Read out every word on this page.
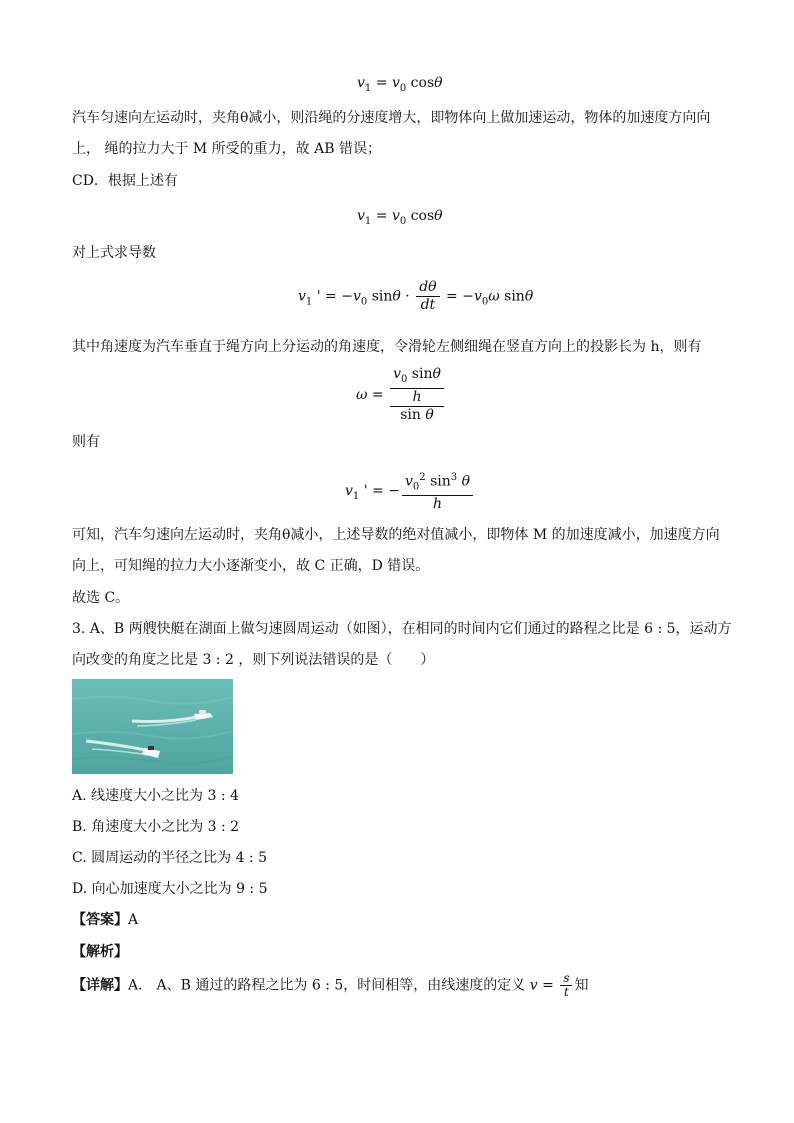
$v_1 = v_0$ cosθ
汽车匀速向左运动时，夹角θ减小，则沿绳的分速度增大，即物体向上做加速运动，物体的加速度方向向
上， 绳的拉力大于 M 所受的重力，故 AB 错误；
CD．根据上述有
$v_1 = v_0$ cosθ
对上式求导数
$v_1$ ' = $-v_0$ $\sin\theta \cdot \frac{d\theta}{dt} = -v_0\omega$ sinθ
其中角速度为汽车垂直于绳方向上分运动的角速度，令滑轮左侧细绳在竖直方向上的投影长为 h，则有
ω =
$v_0$ sinθ
h
sin θ
则有
$v_1$ ' = − $\frac{v_0^2 \sin^3 \theta}{h}$
可知，汽车匀速向左运动时，夹角θ减小，上述导数的绝对值减小，即物体 M 的加速度减小，加速度方向
向上，可知绳的拉力大小逐渐变小，故 C 正确，D 错误。
故选 C。
3. A、B 两艘快艇在湖面上做匀速圆周运动（如图），在相同的时间内它们通过的路程之比是 6 : 5，运动方
向改变的角度之比是 3 : 2 ，则下列说法错误的是（　　）
A. 线速度大小之比为 3 : 4
B. 角速度大小之比为 3 : 2
C. 圆周运动的半径之比为 4 : 5
D. 向心加速度大小之比为 9 : 5
【答案】A
【解析】
【详解】A． A、B 通过的路程之比为 6 : 5，时间相等，由线速度的定义 $v = \frac{s}{t}$ 知
